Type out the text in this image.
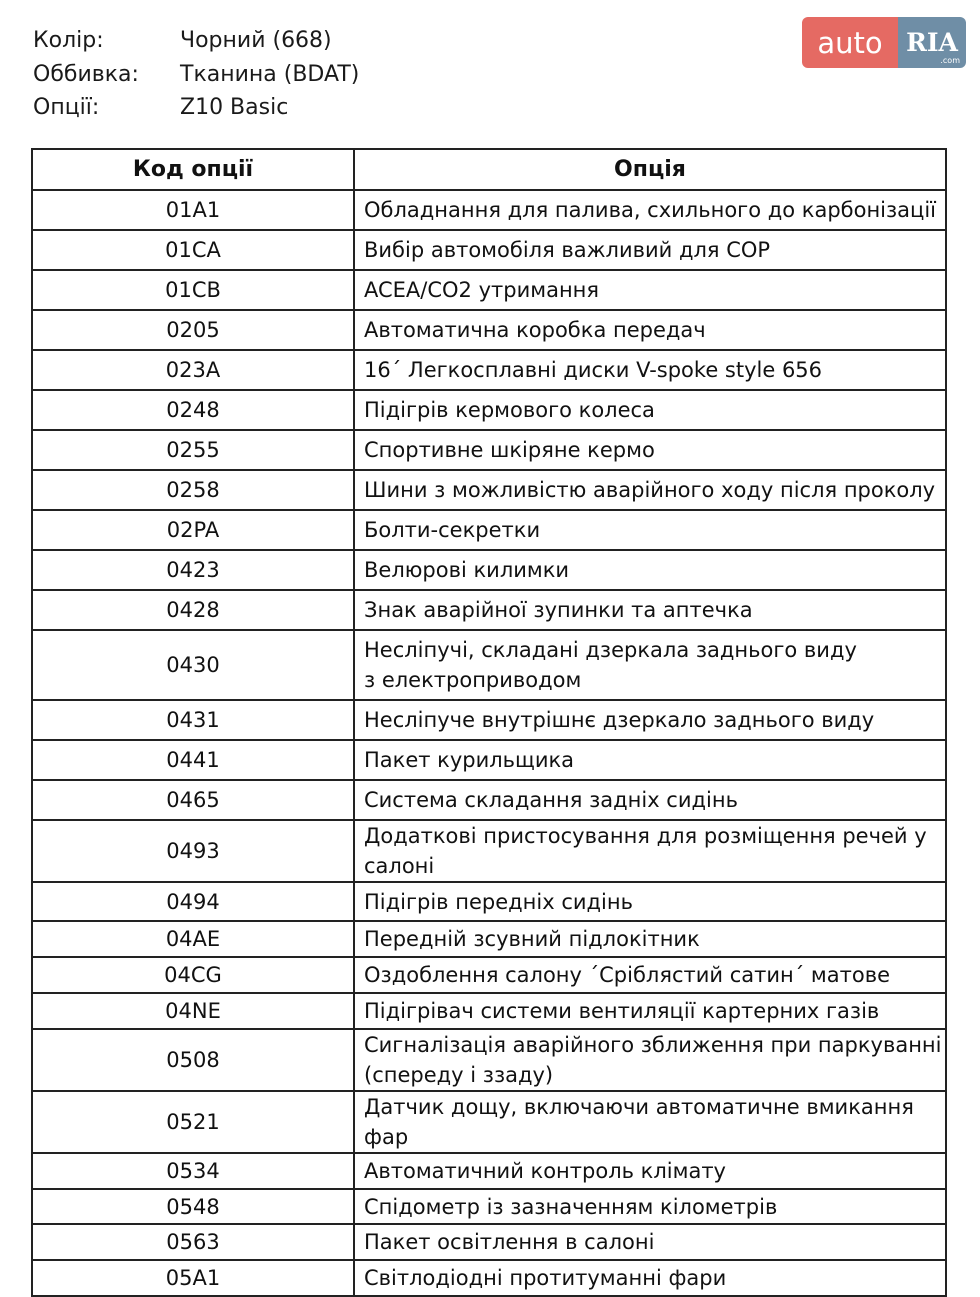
Колір:	Чорний (668)
Оббивка:	Тканина (BDAT)
Опції:	Z10 Basic
auto RIA
.com
Код опції	Опція
01A1	Обладнання для палива, схильного до карбонізації

01CA	Вибір автомобіля важливий для COP

01CB	ACEA/CO2 утримання

0205	Автоматична коробка передач

023A	16´ Легкосплавні диски V-spoke style 656

0248	Підігрів кермового колеса

0255	Спортивне шкіряне кермо

0258	Шини з можливістю аварійного ходу після проколу

02PA	Болти-секретки

0423	Велюрові килимки

0428	Знак аварійної зупинки та аптечка

0430	Несліпучі, складані дзеркала заднього виду
з електроприводом

0431	Несліпуче внутрішнє дзеркало заднього виду

0441	Пакет курильщика

0465	Система складання задніх сидінь

0493	Додаткові пристосування для розміщення речей у салоні

0494	Підігрів передніх сидінь

04AE	Передній зсувний підлокітник

04CG	Оздоблення салону ´Сріблястий сатин´ матове

04NE	Підігрівач системи вентиляції картерних газів

0508	Сигналізація аварійного зближення при паркуванні
(спереду і ззаду)

0521	Датчик дощу, включаючи автоматичне вмикання фар

0534	Автоматичний контроль клімату

0548	Спідометр із зазначенням кілометрів

0563	Пакет освітлення в салоні

05A1	Світлодіодні протитуманні фари
